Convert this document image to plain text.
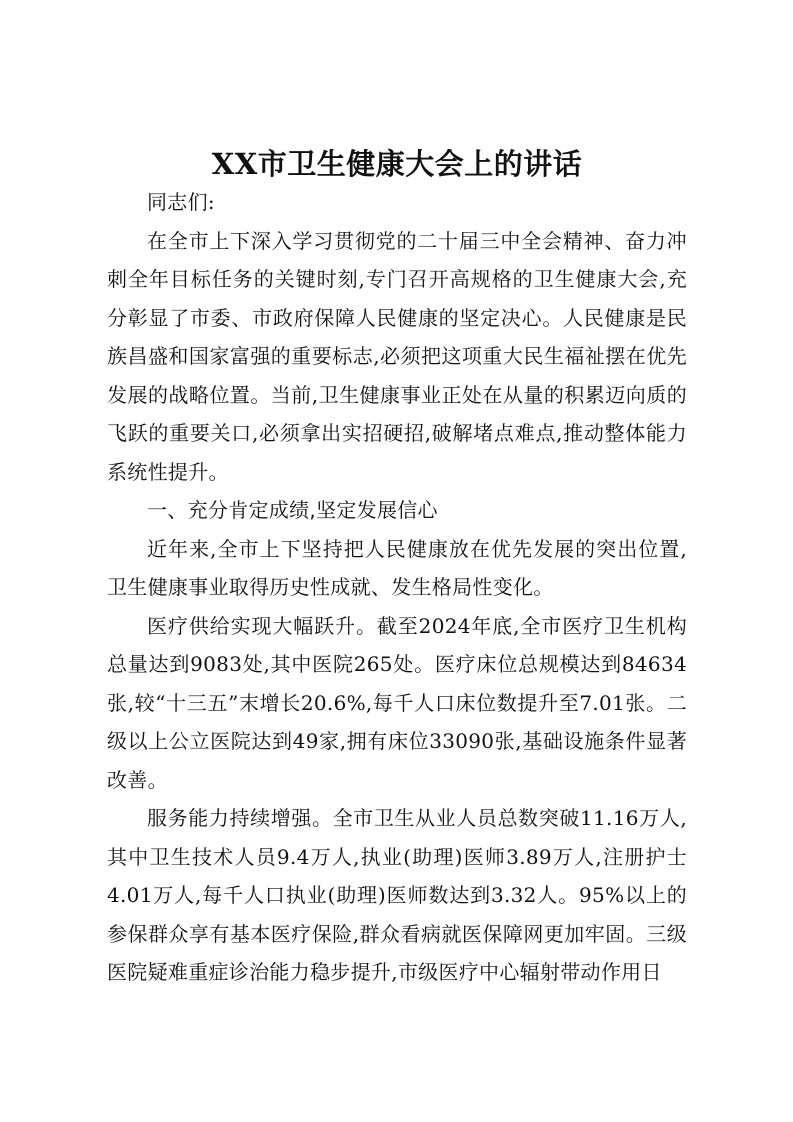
XX市卫生健康大会上的讲话

同志们:

在全市上下深入学习贯彻党的二十届三中全会精神、奋力冲刺全年目标任务的关键时刻,专门召开高规格的卫生健康大会,充分彰显了市委、市政府保障人民健康的坚定决心。人民健康是民族昌盛和国家富强的重要标志,必须把这项重大民生福祉摆在优先发展的战略位置。当前,卫生健康事业正处在从量的积累迈向质的飞跃的重要关口,必须拿出实招硬招,破解堵点难点,推动整体能力系统性提升。

一、充分肯定成绩,坚定发展信心

近年来,全市上下坚持把人民健康放在优先发展的突出位置,卫生健康事业取得历史性成就、发生格局性变化。

医疗供给实现大幅跃升。截至2024年底,全市医疗卫生机构总量达到9083处,其中医院265处。医疗床位总规模达到84634张,较“十三五”末增长20.6%,每千人口床位数提升至7.01张。二级以上公立医院达到49家,拥有床位33090张,基础设施条件显著改善。

服务能力持续增强。全市卫生从业人员总数突破11.16万人,其中卫生技术人员9.4万人,执业(助理)医师3.89万人,注册护士4.01万人,每千人口执业(助理)医师数达到3.32人。95%以上的参保群众享有基本医疗保险,群众看病就医保障网更加牢固。三级医院疑难重症诊治能力稳步提升,市级医疗中心辐射带动作用日
